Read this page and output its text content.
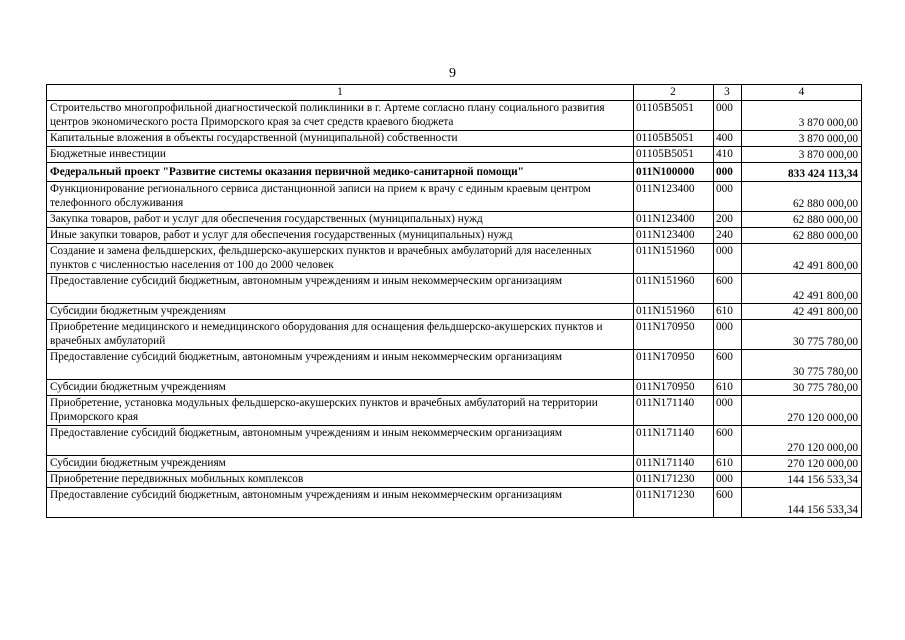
9
1	2	3	4
Строительство многопрофильной диагностической поликлиники в г. Артеме согласно плану социального развития центров экономического роста Приморского края за счет средств краевого бюджета	01105B5051	000	3 870 000,00
Капитальные вложения в объекты государственной (муниципальной) собственности	01105B5051	400	3 870 000,00
Бюджетные инвестиции	01105B5051	410	3 870 000,00
Федеральный проект "Развитие системы оказания первичной медико-санитарной помощи"	011N100000	000	833 424 113,34
Функционирование регионального сервиса дистанционной записи на прием к врачу с единым краевым центром телефонного обслуживания	011N123400	000	62 880 000,00
Закупка товаров, работ и услуг для обеспечения государственных (муниципальных) нужд	011N123400	200	62 880 000,00
Иные закупки товаров, работ и услуг для обеспечения государственных (муниципальных) нужд	011N123400	240	62 880 000,00
Создание и замена фельдшерских, фельдшерско-акушерских пунктов и врачебных амбулаторий для населенных пунктов с численностью населения от 100 до 2000 человек	011N151960	000	42 491 800,00
Предоставление субсидий бюджетным, автономным учреждениям и иным некоммерческим организациям	011N151960	600	42 491 800,00
Субсидии бюджетным учреждениям	011N151960	610	42 491 800,00
Приобретение медицинского и немедицинского оборудования для оснащения фельдшерско-акушерских пунктов и врачебных амбулаторий	011N170950	000	30 775 780,00
Предоставление субсидий бюджетным, автономным учреждениям и иным некоммерческим организациям	011N170950	600	30 775 780,00
Субсидии бюджетным учреждениям	011N170950	610	30 775 780,00
Приобретение, установка модульных фельдшерско-акушерских пунктов и врачебных амбулаторий на территории Приморского края	011N171140	000	270 120 000,00
Предоставление субсидий бюджетным, автономным учреждениям и иным некоммерческим организациям	011N171140	600	270 120 000,00
Субсидии бюджетным учреждениям	011N171140	610	270 120 000,00
Приобретение передвижных мобильных комплексов	011N171230	000	144 156 533,34
Предоставление субсидий бюджетным, автономным учреждениям и иным некоммерческим организациям	011N171230	600	144 156 533,34
